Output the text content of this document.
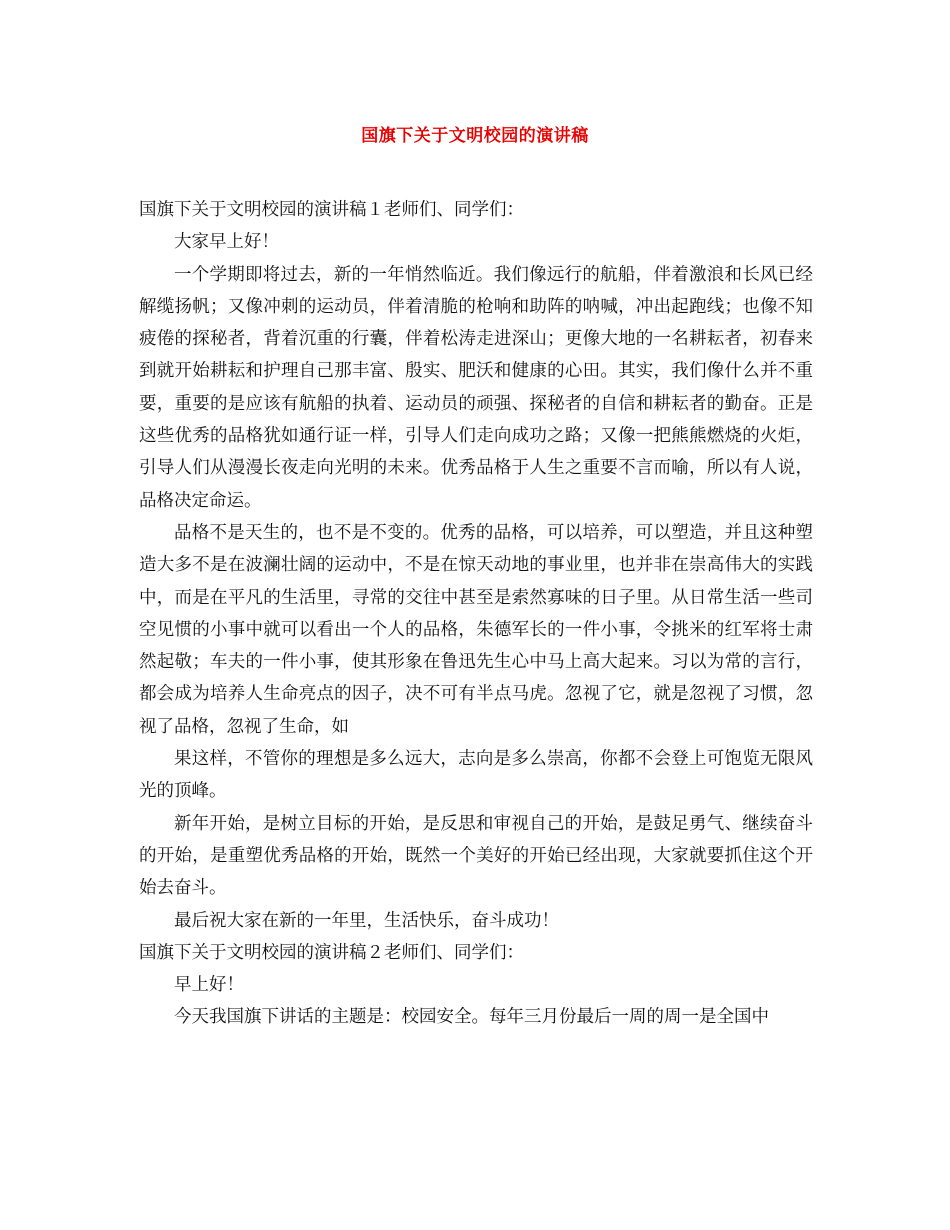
国旗下关于文明校园的演讲稿

国旗下关于文明校园的演讲稿１老师们、同学们：

大家早上好！

一个学期即将过去，新的一年悄然临近。我们像远行的航船，伴着激浪和长风已经解缆扬帆；又像冲刺的运动员，伴着清脆的枪响和助阵的呐喊，冲出起跑线；也像不知疲倦的探秘者，背着沉重的行囊，伴着松涛走进深山；更像大地的一名耕耘者，初春来到就开始耕耘和护理自己那丰富、殷实、肥沃和健康的心田。其实，我们像什么并不重要，重要的是应该有航船的执着、运动员的顽强、探秘者的自信和耕耘者的勤奋。正是这些优秀的品格犹如通行证一样，引导人们走向成功之路；又像一把熊熊燃烧的火炬，引导人们从漫漫长夜走向光明的未来。优秀品格于人生之重要不言而喻，所以有人说，品格决定命运。

品格不是天生的，也不是不变的。优秀的品格，可以培养，可以塑造，并且这种塑造大多不是在波澜壮阔的运动中，不是在惊天动地的事业里，也并非在崇高伟大的实践中，而是在平凡的生活里，寻常的交往中甚至是索然寡味的日子里。从日常生活一些司空见惯的小事中就可以看出一个人的品格，朱德军长的一件小事，令挑米的红军将士肃然起敬；车夫的一件小事，使其形象在鲁迅先生心中马上高大起来。习以为常的言行，都会成为培养人生命亮点的因子，决不可有半点马虎。忽视了它，就是忽视了习惯，忽视了品格，忽视了生命，如

果这样，不管你的理想是多么远大，志向是多么崇高，你都不会登上可饱览无限风光的顶峰。

新年开始，是树立目标的开始，是反思和审视自己的开始，是鼓足勇气、继续奋斗的开始，是重塑优秀品格的开始，既然一个美好的开始已经出现，大家就要抓住这个开始去奋斗。

最后祝大家在新的一年里，生活快乐，奋斗成功！

国旗下关于文明校园的演讲稿２老师们、同学们：

早上好！

今天我国旗下讲话的主题是：校园安全。每年三月份最后一周的周一是全国中
